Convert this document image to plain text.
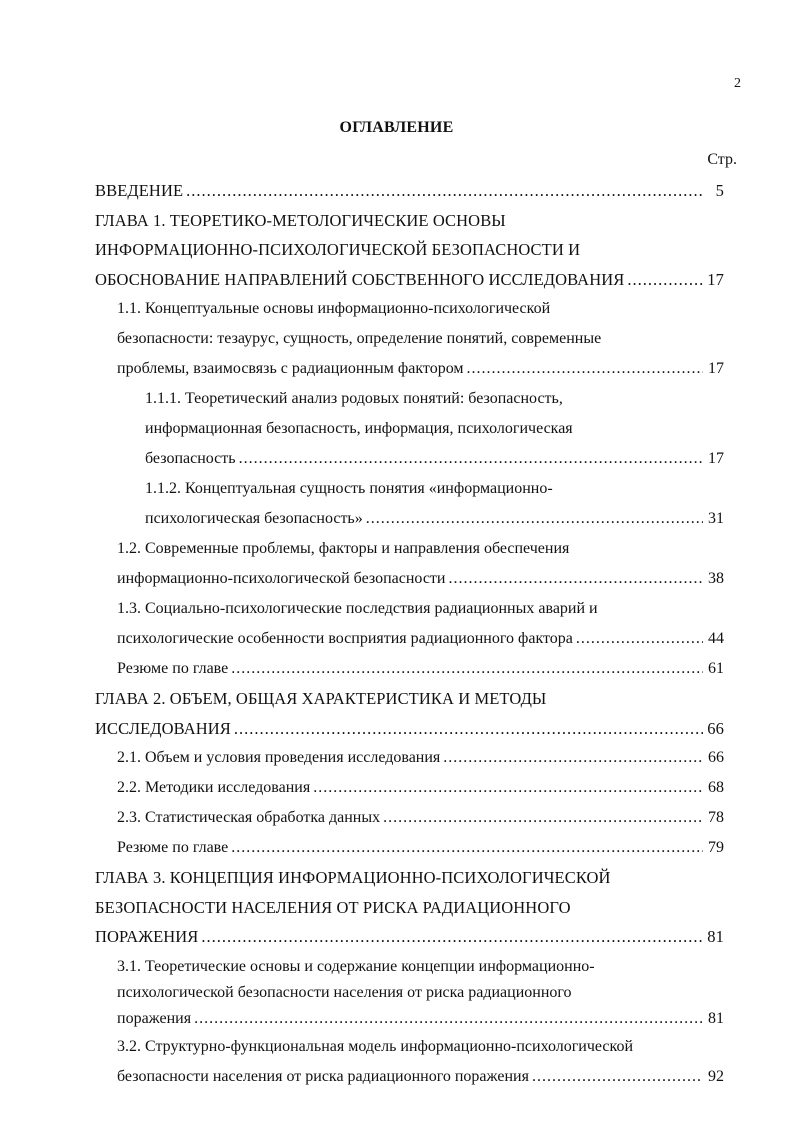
2
ОГЛАВЛЕНИЕ
Стр.
ВВЕДЕНИЕ .....	5
ГЛАВА 1. ТЕОРЕТИКО-МЕТОЛОГИЧЕСКИЕ ОСНОВЫ
ИНФОРМАЦИОННО-ПСИХОЛОГИЧЕСКОЙ БЕЗОПАСНОСТИ И
ОБОСНОВАНИЕ НАПРАВЛЕНИЙ СОБСТВЕННОГО ИССЛЕДОВАНИЯ .....	17
1.1. Концептуальные основы информационно-психологической
безопасности: тезаурус, сущность, определение понятий, современные
проблемы, взаимосвязь с радиационным фактором .....	17
1.1.1. Теоретический анализ родовых понятий: безопасность,
информационная безопасность, информация, психологическая
безопасность .....	17
1.1.2. Концептуальная сущность понятия «информационно-
психологическая безопасность» .....	31
1.2. Современные проблемы, факторы и направления обеспечения
информационно-психологической безопасности .....	38
1.3. Социально-психологические последствия радиационных аварий и
психологические особенности восприятия радиационного фактора .....	44
Резюме по главе .....	61
ГЛАВА 2. ОБЪЕМ, ОБЩАЯ ХАРАКТЕРИСТИКА И МЕТОДЫ
ИССЛЕДОВАНИЯ .....	66
2.1. Объем и условия проведения исследования .....	66
2.2. Методики исследования .....	68
2.3. Статистическая обработка данных .....	78
Резюме по главе .....	79
ГЛАВА 3. КОНЦЕПЦИЯ ИНФОРМАЦИОННО-ПСИХОЛОГИЧЕСКОЙ
БЕЗОПАСНОСТИ НАСЕЛЕНИЯ ОТ РИСКА РАДИАЦИОННОГО
ПОРАЖЕНИЯ .....	81
3.1. Теоретические основы и содержание концепции информационно-
психологической безопасности населения от риска радиационного
поражения .....	81
3.2. Структурно-функциональная модель информационно-психологической
безопасности населения от риска радиационного поражения .....	92
